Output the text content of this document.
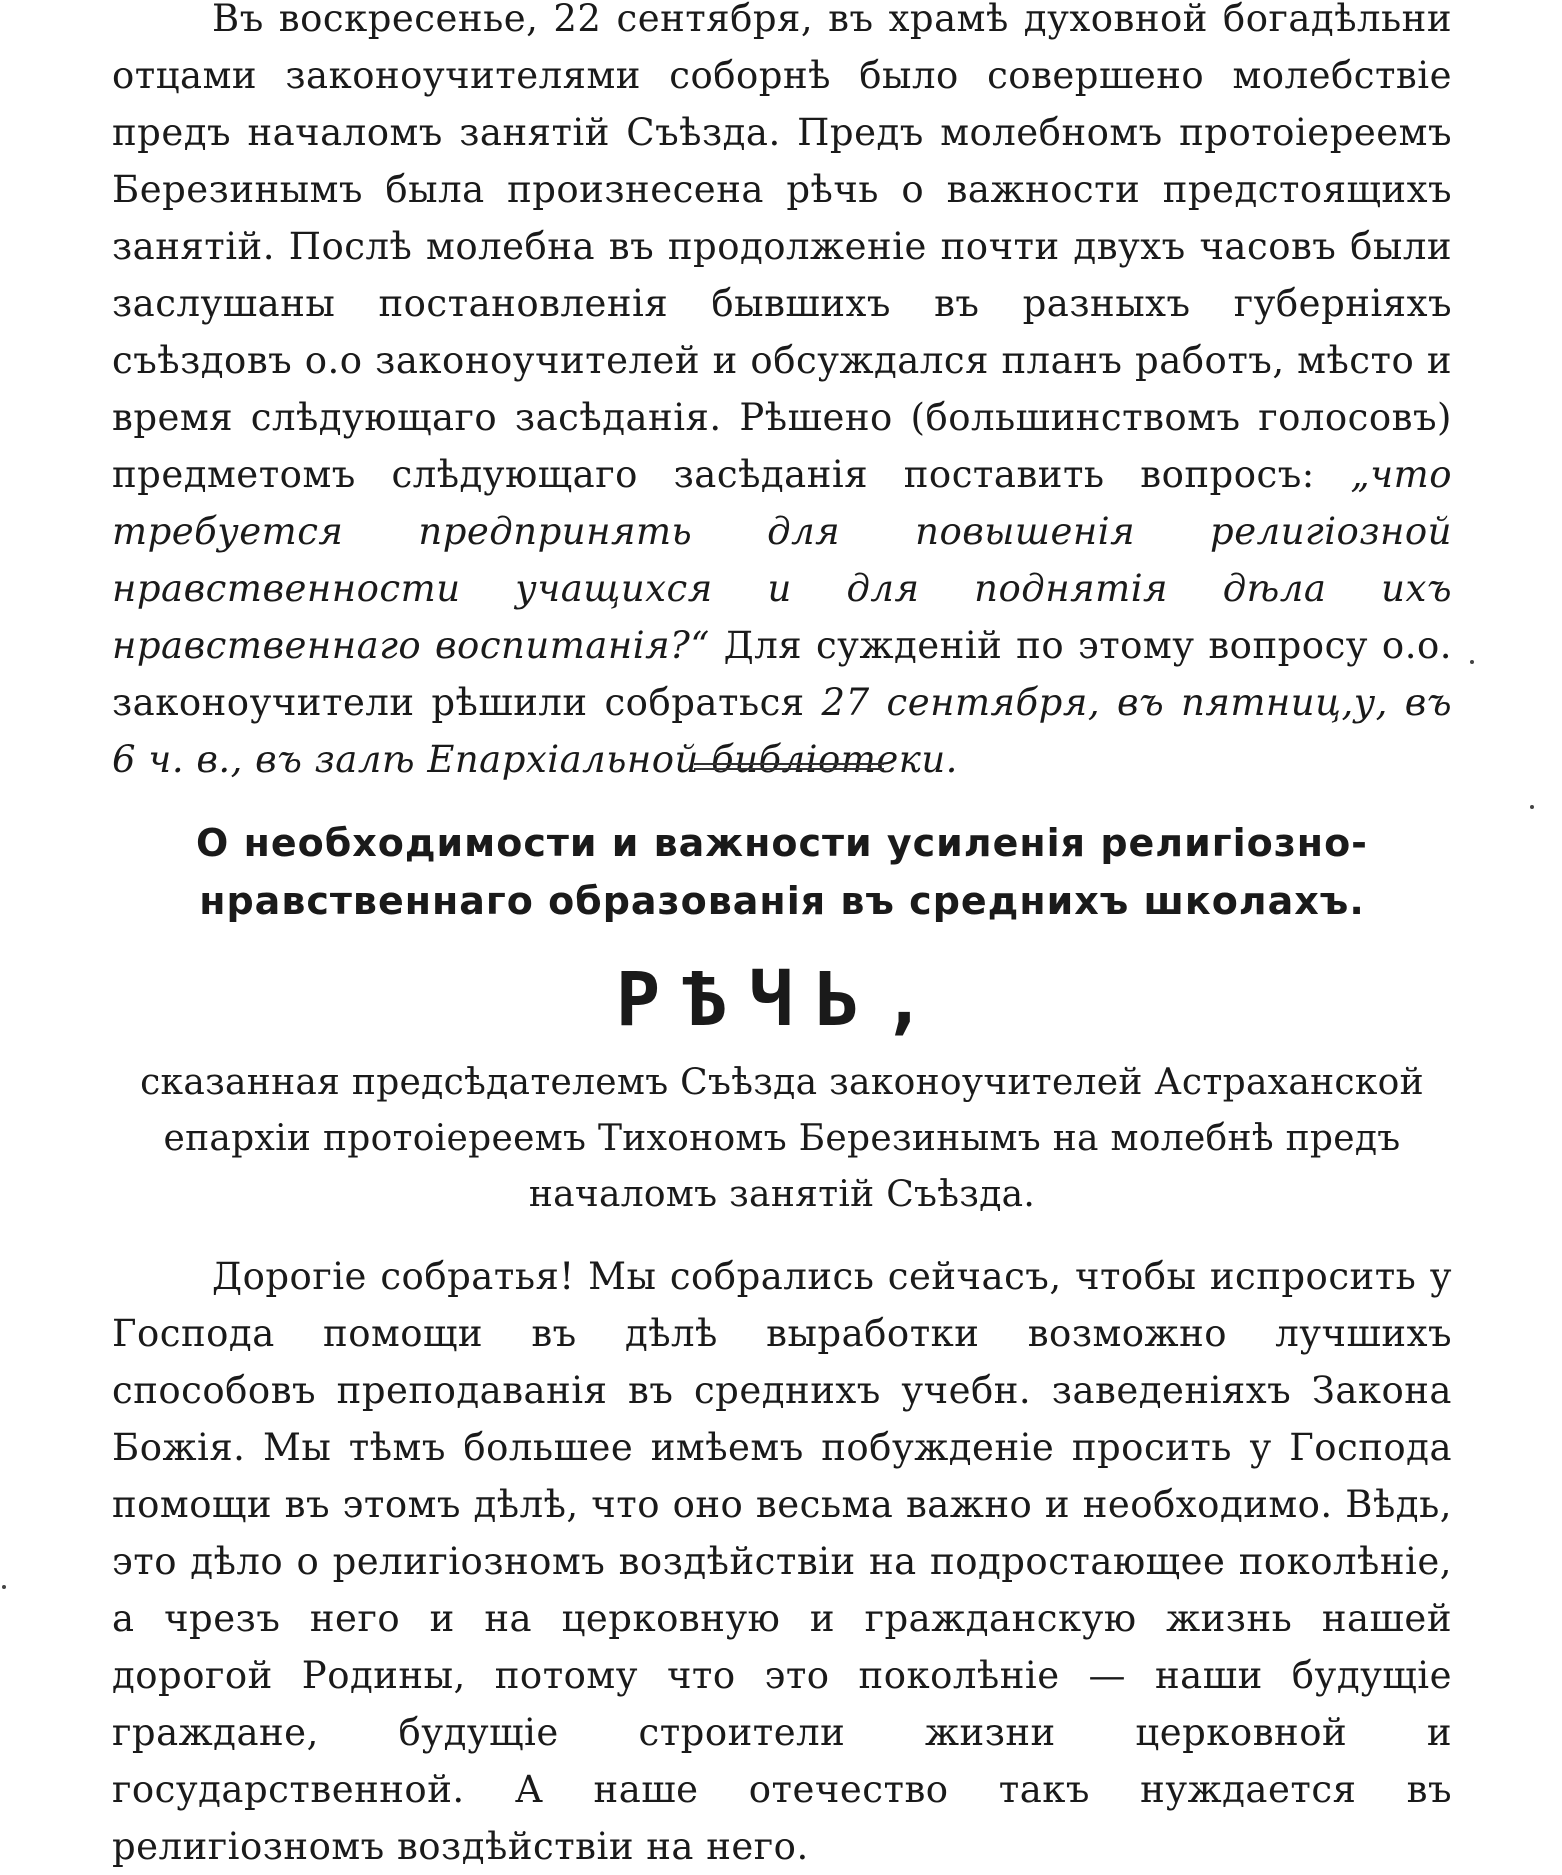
Въ воскресенье, 22 сентября, въ храмѣ духовной богадѣльни отцами законоучителями соборнѣ было совершено молебствіе предъ началомъ занятій Съѣзда. Предъ молебномъ протоіереемъ Березинымъ была произнесена рѣчь о важности предстоящихъ занятій. Послѣ молебна въ продолженіе почти двухъ часовъ были заслушаны постановленія бывшихъ въ разныхъ губерніяхъ съѣздовъ о.о законоучителей и обсуждался планъ работъ, мѣсто и время слѣдующаго засѣданія. Рѣшено (большинствомъ голосовъ) предметомъ слѣдующаго засѣданія поставить вопросъ: „что требуется предпринять для повышенія религіозной нравственности учащихся и для поднятія дѣла ихъ нравственнаго воспитанія?“ Для сужденій по этому вопросу о.о. законоучители рѣшили собраться 27 сентября, въ пятниц,у, въ 6 ч. в., въ залѣ Епархіальной библіотеки.
О необходимости и важности усиленія религіозно-нравственнаго образованія въ среднихъ школахъ.
РѢЧЬ,
сказанная предсѣдателемъ Съѣзда законоучителей Астраханской епархіи протоіереемъ Тихономъ Березинымъ на молебнѣ предъ началомъ занятій Съѣзда.
Дорогіе собратья! Мы собрались сейчасъ, чтобы испросить у Господа помощи въ дѣлѣ выработки возможно лучшихъ способовъ преподаванія въ среднихъ учебн. заведеніяхъ Закона Божія. Мы тѣмъ большее имѣемъ побужденіе просить у Господа помощи въ этомъ дѣлѣ, что оно весьма важно и необходимо. Вѣдь, это дѣло о религіозномъ воздѣйствіи на подростающее поколѣніе, а чрезъ него и на церковную и гражданскую жизнь нашей дорогой Родины, потому что это поколѣніе — наши будущіе граждане, будущіе строители жизни церковной и государственной. А наше отечество такъ нуждается въ религіозномъ воздѣйствіи на него.
